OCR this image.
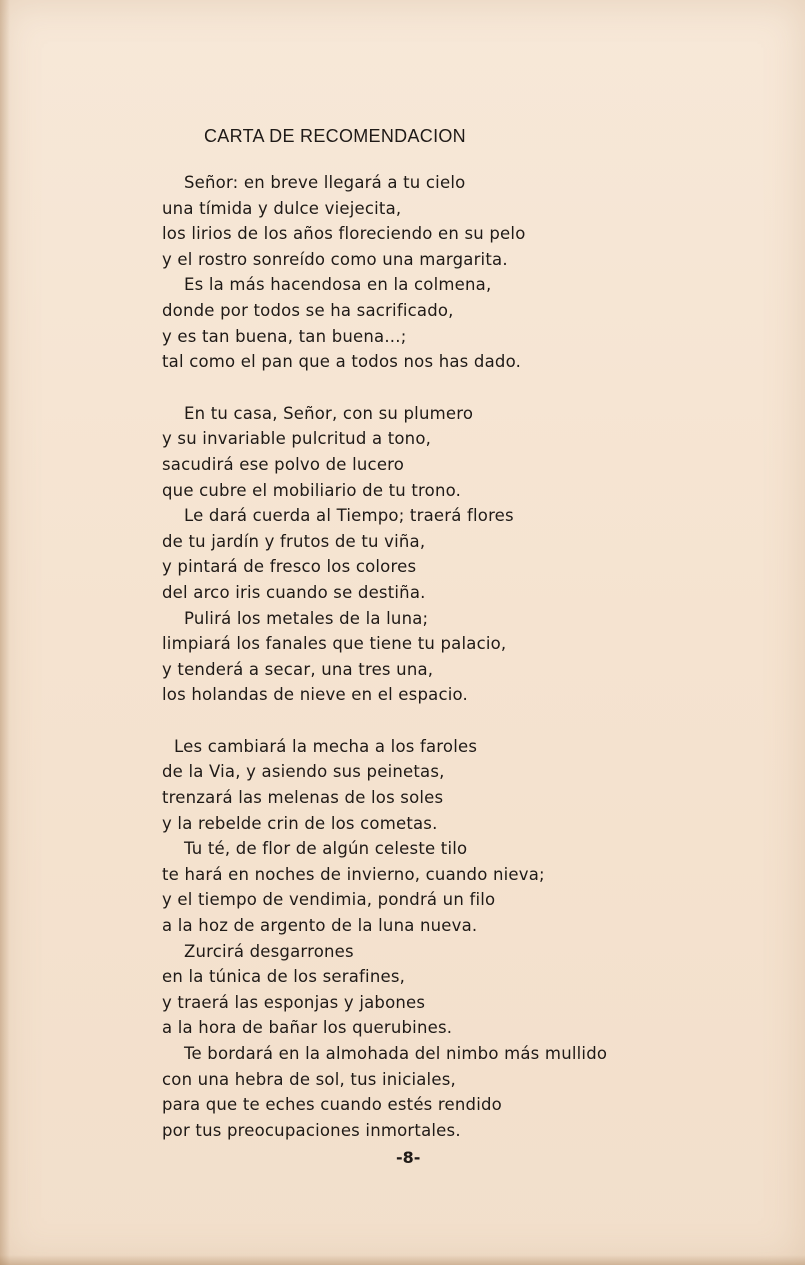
CARTA DE RECOMENDACION
Señor: en breve llegará a tu cielo
una tímida y dulce viejecita,
los lirios de los años floreciendo en su pelo
y el rostro sonreído como una margarita.
Es la más hacendosa en la colmena,
donde por todos se ha sacrificado,
y es tan buena, tan buena...;
tal como el pan que a todos nos has dado.
En tu casa, Señor, con su plumero
y su invariable pulcritud a tono,
sacudirá ese polvo de lucero
que cubre el mobiliario de tu trono.
Le dará cuerda al Tiempo; traerá flores
de tu jardín y frutos de tu viña,
y pintará de fresco los colores
del arco iris cuando se destiña.
Pulirá los metales de la luna;
limpiará los fanales que tiene tu palacio,
y tenderá a secar, una tres una,
los holandas de nieve en el espacio.
Les cambiará la mecha a los faroles
de la Via, y asiendo sus peinetas,
trenzará las melenas de los soles
y la rebelde crin de los cometas.
Tu té, de flor de algún celeste tilo
te hará en noches de invierno, cuando nieva;
y el tiempo de vendimia, pondrá un filo
a la hoz de argento de la luna nueva.
Zurcirá desgarrones
en la túnica de los serafines,
y traerá las esponjas y jabones
a la hora de bañar los querubines.
Te bordará en la almohada del nimbo más mullido
con una hebra de sol, tus iniciales,
para que te eches cuando estés rendido
por tus preocupaciones inmortales.
-8-
